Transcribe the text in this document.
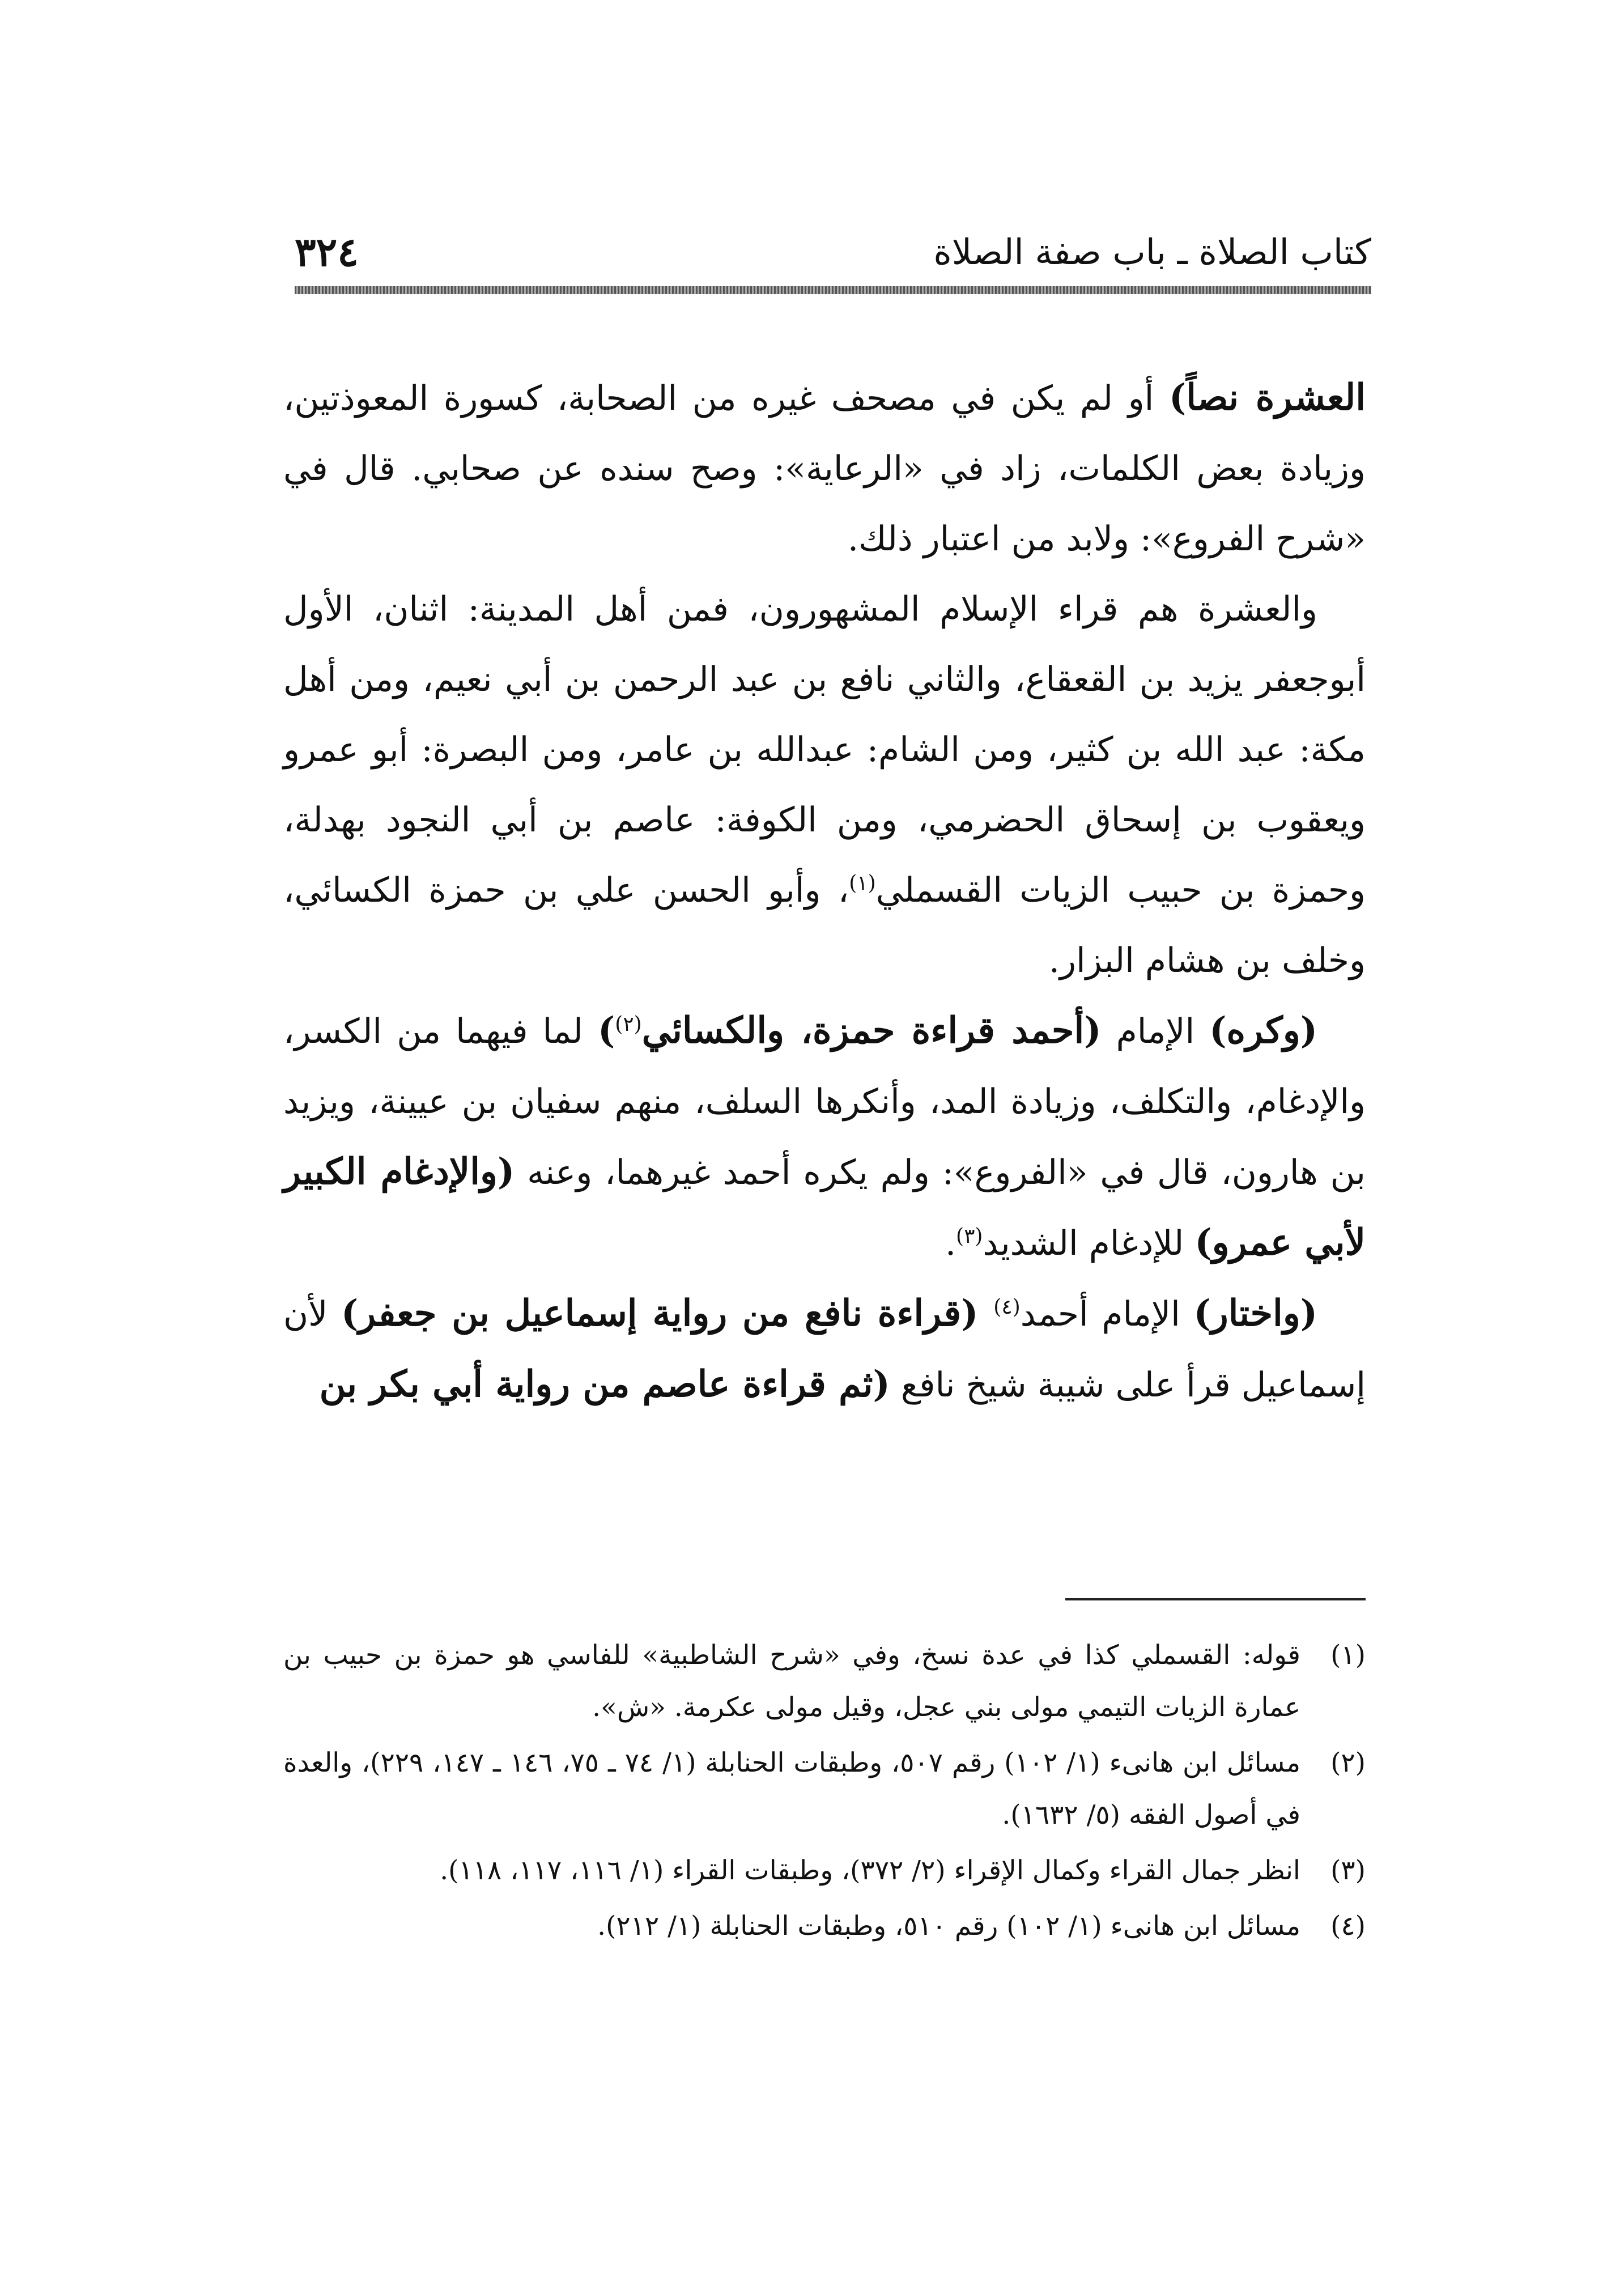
كتاب الصلاة ـ باب صفة الصلاة
٣٢٤

العشرة نصاً) أو لم يكن في مصحف غيره من الصحابة، كسورة المعوذتين، وزيادة بعض الكلمات، زاد في «الرعاية»: وصح سنده عن صحابي. قال في «شرح الفروع»: ولابد من اعتبار ذلك.

والعشرة هم قراء الإسلام المشهورون، فمن أهل المدينة: اثنان، الأول أبوجعفر يزيد بن القعقاع، والثاني نافع بن عبد الرحمن بن أبي نعيم، ومن أهل مكة: عبد الله بن كثير، ومن الشام: عبدالله بن عامر، ومن البصرة: أبو عمرو ويعقوب بن إسحاق الحضرمي، ومن الكوفة: عاصم بن أبي النجود بهدلة، وحمزة بن حبيب الزيات القسملي$^{(١)}$، وأبو الحسن علي بن حمزة الكسائي، وخلف بن هشام البزار.

(وكره) الإمام (أحمد قراءة حمزة، والكسائي$^{(٢)}$) لما فيهما من الكسر، والإدغام، والتكلف، وزيادة المد، وأنكرها السلف، منهم سفيان بن عيينة، ويزيد بن هارون، قال في «الفروع»: ولم يكره أحمد غيرهما، وعنه (والإدغام الكبير لأبي عمرو) للإدغام الشديد$^{(٣)}$.

(واختار) الإمام أحمد$^{(٤)}$ (قراءة نافع من رواية إسماعيل بن جعفر) لأن إسماعيل قرأ على شيبة شيخ نافع (ثم قراءة عاصم من رواية أبي بكر بن

(١)
قوله: القسملي كذا في عدة نسخ، وفي «شرح الشاطبية» للفاسي هو حمزة بن حبيب بن عمارة الزيات التيمي مولى بني عجل، وقيل مولى عكرمة. «ش».
(٢)
مسائل ابن هانىء (١/ ١٠٢) رقم ٥٠٧، وطبقات الحنابلة (١/ ٧٤ ـ ٧٥، ١٤٦ ـ ١٤٧، ٢٢٩)، والعدة في أصول الفقه (٥/ ١٦٣٢).
(٣)
انظر جمال القراء وكمال الإقراء (٢/ ٣٧٢)، وطبقات القراء (١/ ١١٦، ١١٧، ١١٨).
(٤)
مسائل ابن هانىء (١/ ١٠٢) رقم ٥١٠، وطبقات الحنابلة (١/ ٢١٢).
